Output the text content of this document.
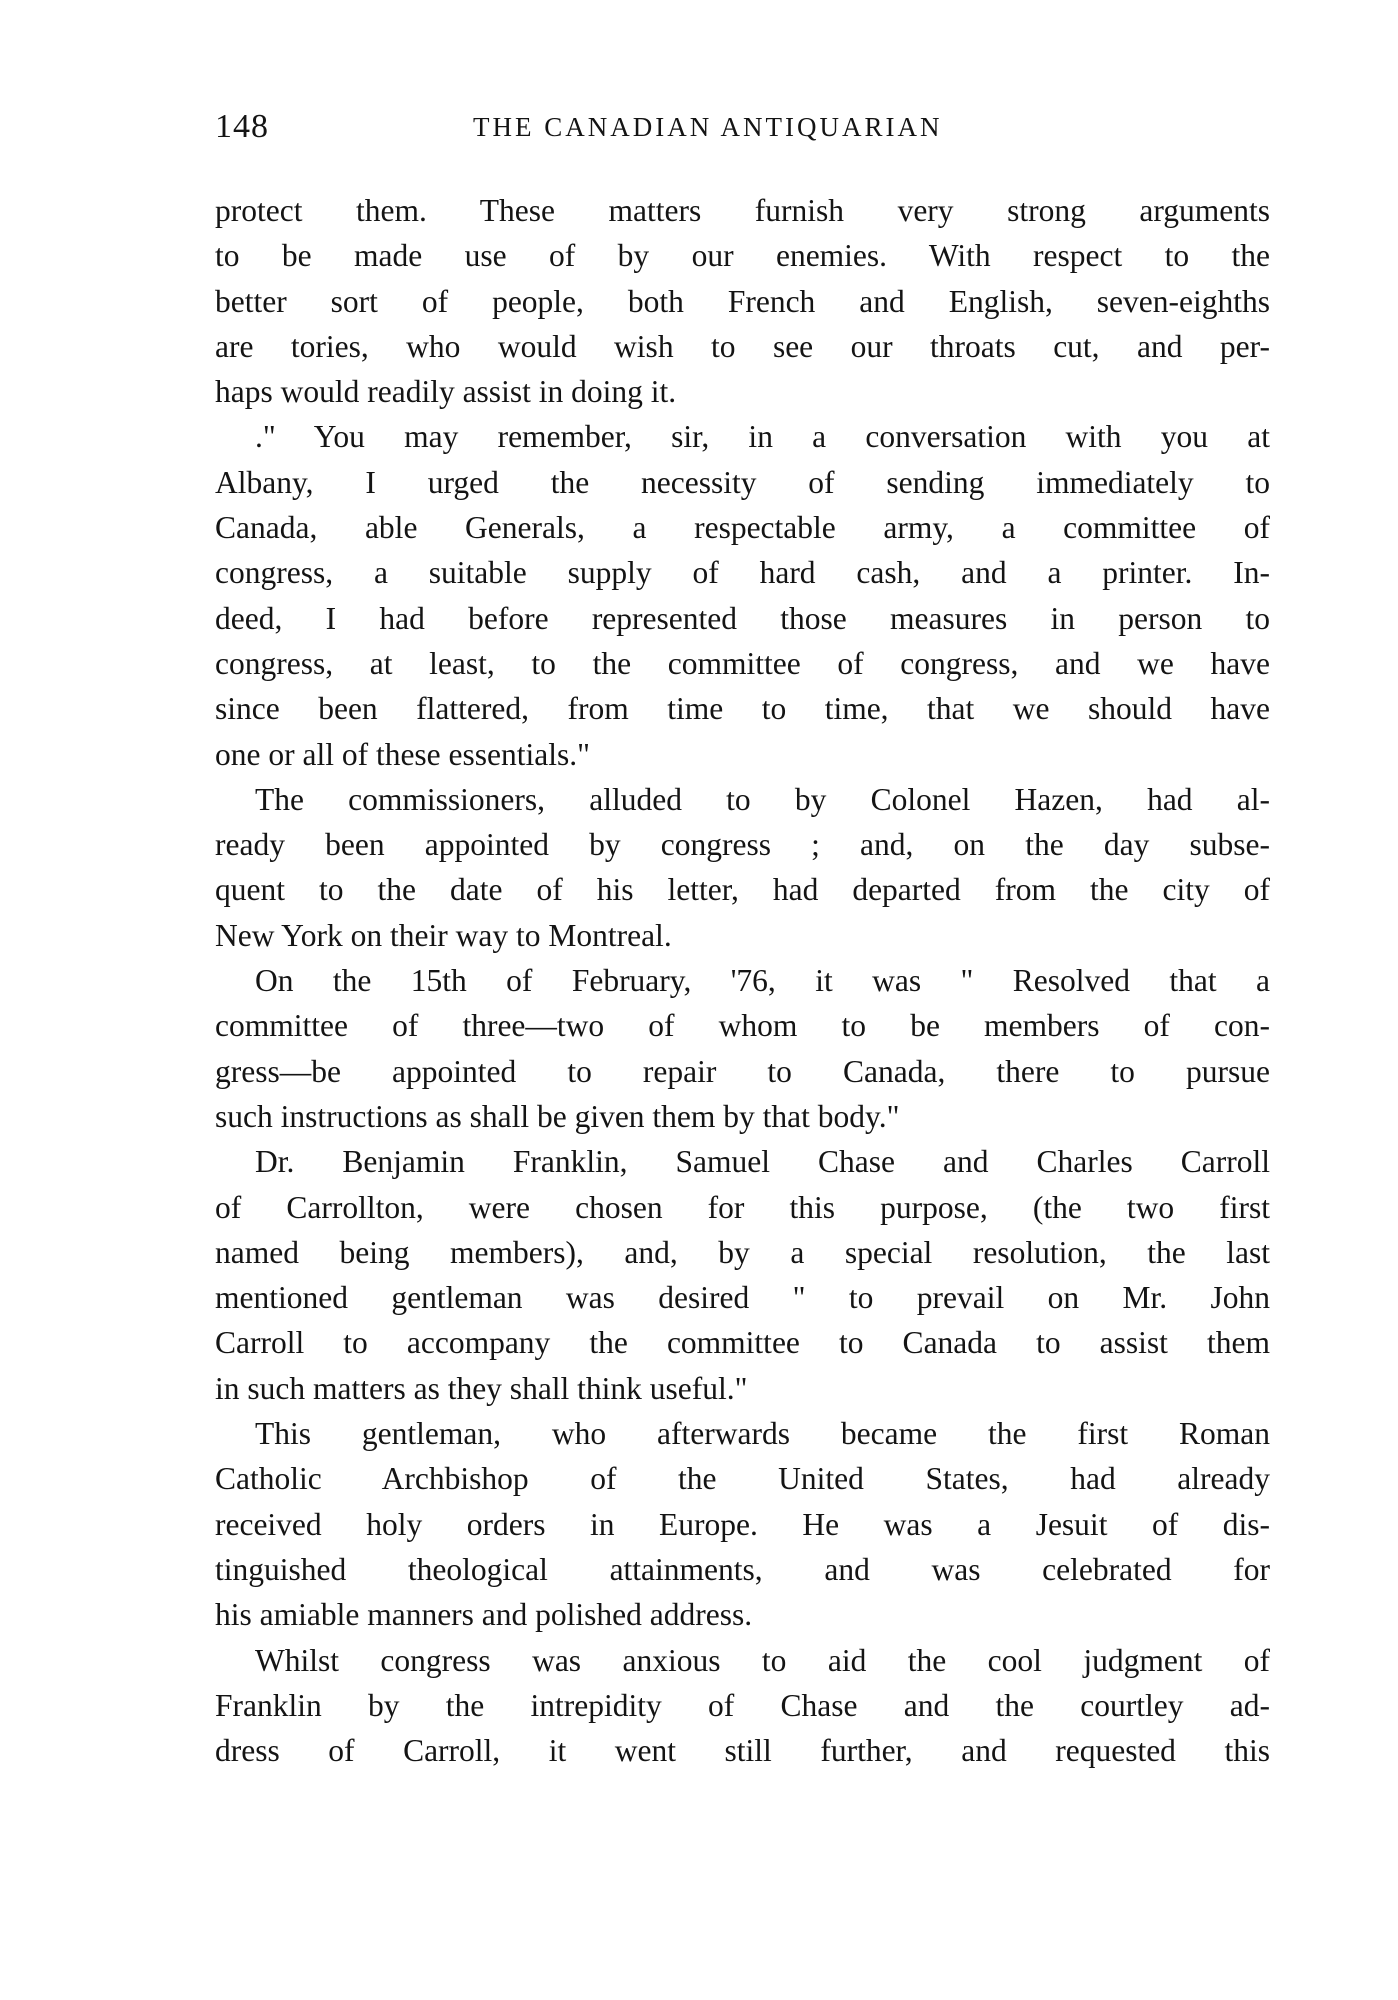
148	THE CANADIAN ANTIQUARIAN
protect them. These matters furnish very strong arguments
to be made use of by our enemies. With respect to the
better sort of people, both French and English, seven-eighths
are tories, who would wish to see our throats cut, and per-
haps would readily assist in doing it.
." You may remember, sir, in a conversation with you at
Albany, I urged the necessity of sending immediately to
Canada, able Generals, a respectable army, a committee of
congress, a suitable supply of hard cash, and a printer. In-
deed, I had before represented those measures in person to
congress, at least, to the committee of congress, and we have
since been flattered, from time to time, that we should have
one or all of these essentials."
The commissioners, alluded to by Colonel Hazen, had al-
ready been appointed by congress ; and, on the day subse-
quent to the date of his letter, had departed from the city of
New York on their way to Montreal.
On the 15th of February, '76, it was " Resolved that a
committee of three—two of whom to be members of con-
gress—be appointed to repair to Canada, there to pursue
such instructions as shall be given them by that body."
Dr. Benjamin Franklin, Samuel Chase and Charles Carroll
of Carrollton, were chosen for this purpose, (the two first
named being members), and, by a special resolution, the last
mentioned gentleman was desired " to prevail on Mr. John
Carroll to accompany the committee to Canada to assist them
in such matters as they shall think useful."
This gentleman, who afterwards became the first Roman
Catholic Archbishop of the United States, had already
received holy orders in Europe. He was a Jesuit of dis-
tinguished theological attainments, and was celebrated for
his amiable manners and polished address.
Whilst congress was anxious to aid the cool judgment of
Franklin by the intrepidity of Chase and the courtley ad-
dress of Carroll, it went still further, and requested this
